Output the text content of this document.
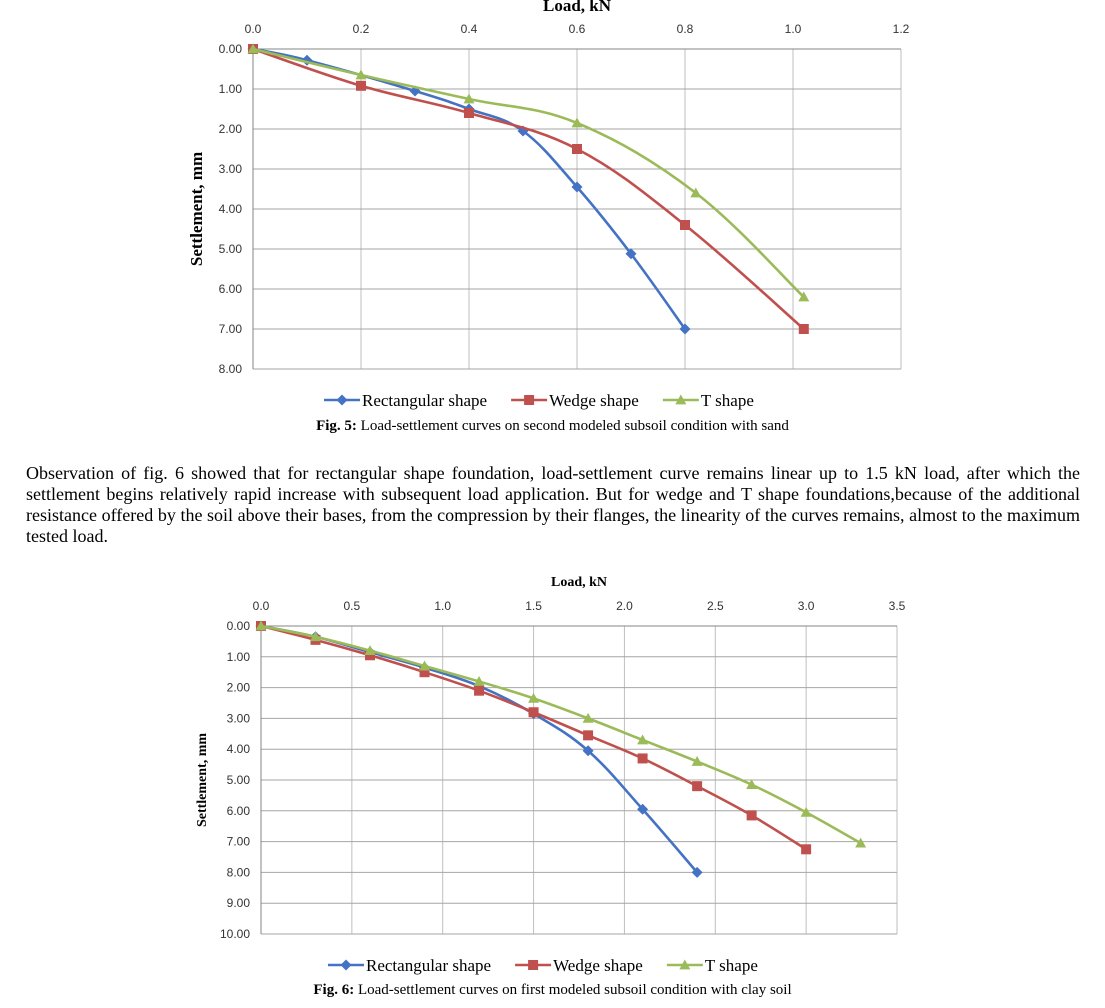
0.0	0.2	0.4	0.6	0.8	1.0	1.2
0.00
1.00
2.00
3.00
4.00
5.00
6.00
7.00
8.00
Load, kN
Settlement, mm
Rectangular shape	Wedge shape	T shape
Fig. 5: Load-settlement curves on second modeled subsoil condition with sand
Observation of fig. 6 showed that for rectangular shape foundation, load-settlement curve remains linear up to 1.5 kN load, after which the settlement begins relatively rapid increase with subsequent load application. But for wedge and T shape foundations,because of the additional resistance offered by the soil above their bases, from the compression by their flanges, the linearity of the curves remains, almost to the maximum tested load.
0.0	0.5	1.0	1.5	2.0	2.5	3.0	3.5
0.00
1.00
2.00
3.00
4.00
5.00
6.00
7.00
8.00
9.00
10.00
Load, kN
Settlement, mm
Rectangular shape	Wedge shape	T shape
Fig. 6: Load-settlement curves on first modeled subsoil condition with clay soil
